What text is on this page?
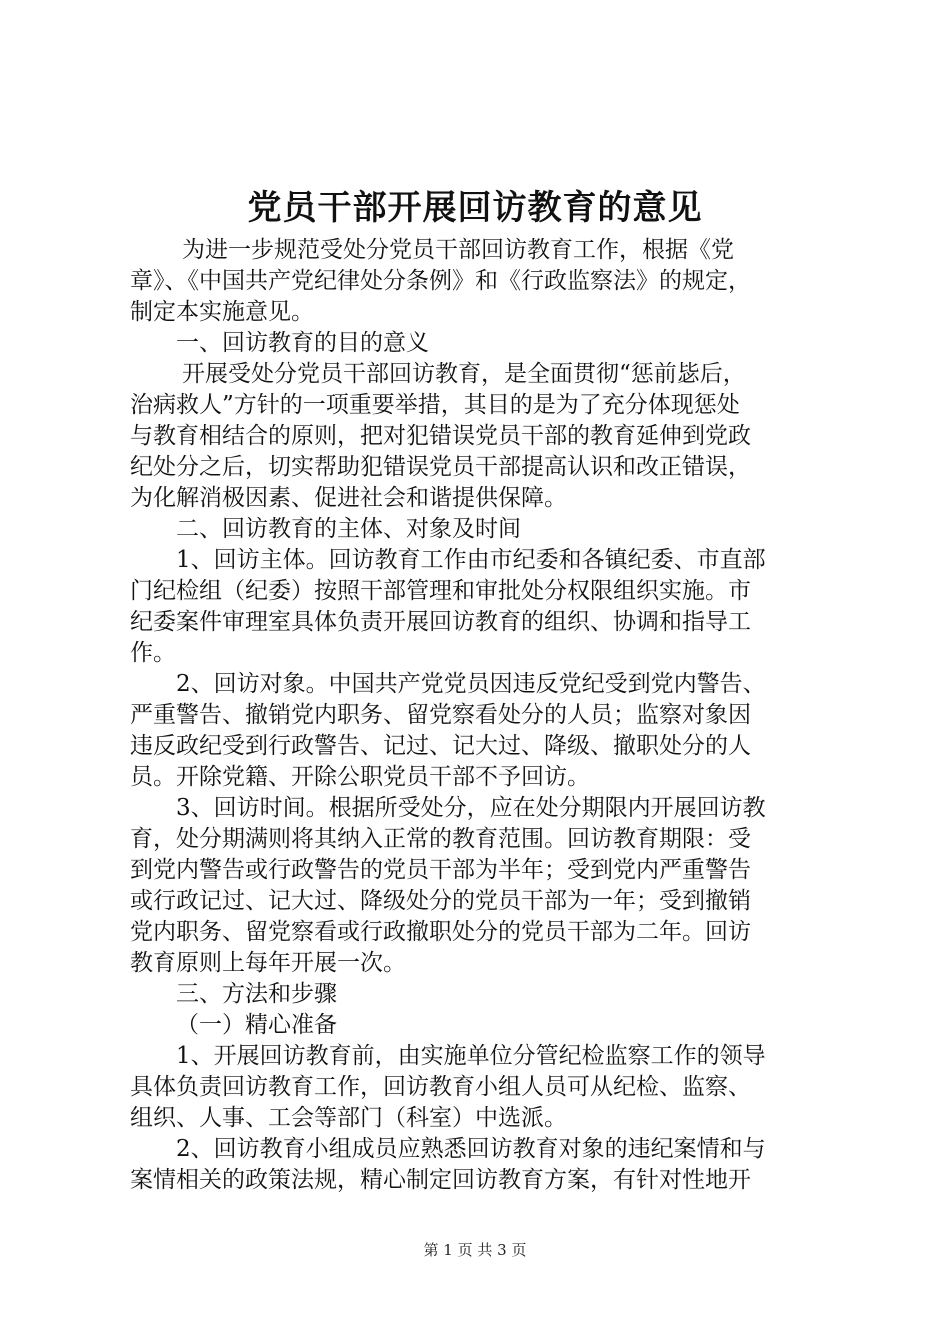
党员干部开展回访教育的意见
为进一步规范受处分党员干部回访教育工作，根据《党
章》、《中国共产党纪律处分条例》和《行政监察法》的规定，
制定本实施意见。
一、回访教育的目的意义
开展受处分党员干部回访教育，是全面贯彻“惩前毖后，
治病救人”方针的一项重要举措，其目的是为了充分体现惩处
与教育相结合的原则，把对犯错误党员干部的教育延伸到党政
纪处分之后，切实帮助犯错误党员干部提高认识和改正错误，
为化解消极因素、促进社会和谐提供保障。
二、回访教育的主体、对象及时间
1、回访主体。回访教育工作由市纪委和各镇纪委、市直部
门纪检组（纪委）按照干部管理和审批处分权限组织实施。市
纪委案件审理室具体负责开展回访教育的组织、协调和指导工
作。
2、回访对象。中国共产党党员因违反党纪受到党内警告、
严重警告、撤销党内职务、留党察看处分的人员；监察对象因
违反政纪受到行政警告、记过、记大过、降级、撤职处分的人
员。开除党籍、开除公职党员干部不予回访。
3、回访时间。根据所受处分，应在处分期限内开展回访教
育，处分期满则将其纳入正常的教育范围。回访教育期限：受
到党内警告或行政警告的党员干部为半年；受到党内严重警告
或行政记过、记大过、降级处分的党员干部为一年；受到撤销
党内职务、留党察看或行政撤职处分的党员干部为二年。回访
教育原则上每年开展一次。
三、方法和步骤
（一）精心准备
1、开展回访教育前，由实施单位分管纪检监察工作的领导
具体负责回访教育工作，回访教育小组人员可从纪检、监察、
组织、人事、工会等部门（科室）中选派。
2、回访教育小组成员应熟悉回访教育对象的违纪案情和与
案情相关的政策法规，精心制定回访教育方案，有针对性地开
第 1 页 共 3 页
